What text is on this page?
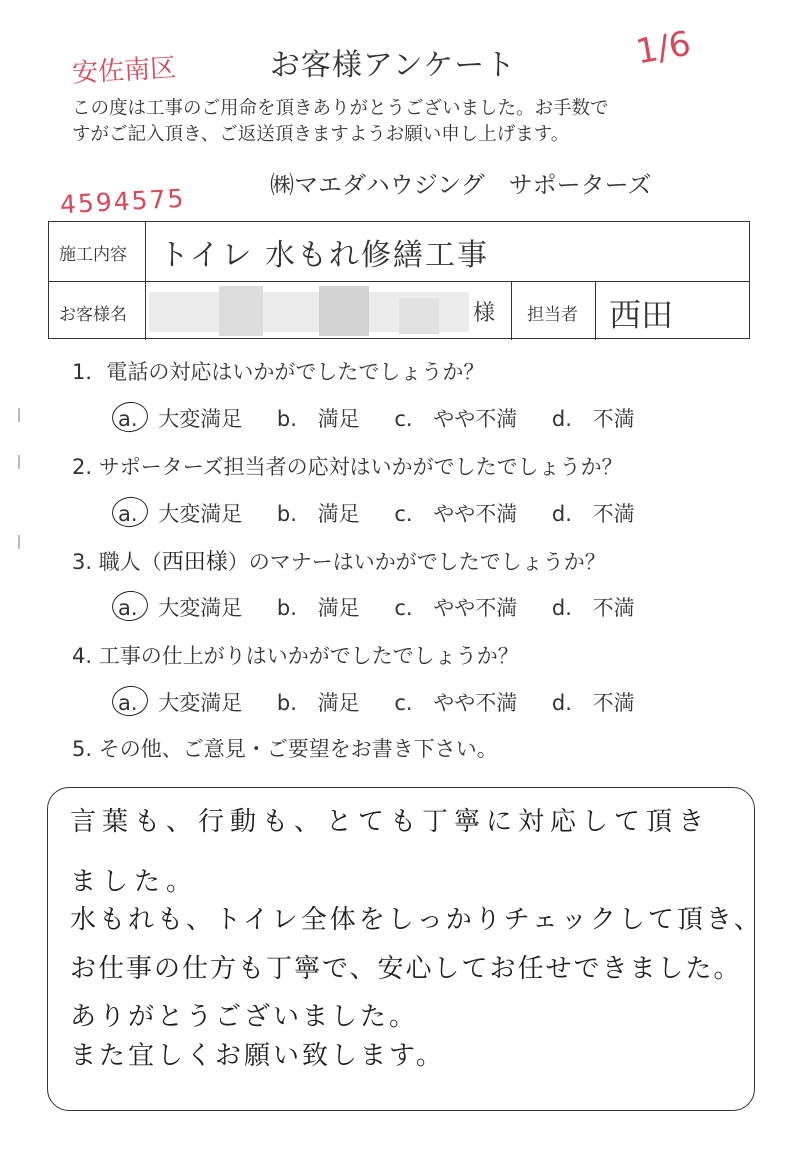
安佐南区	1/6
お客様アンケート
この度は工事のご用命を頂きありがとうございました。お手数で
すがご記入頂き、ご返送頂きますようお願い申し上げます。
㈱マエダハウジング　サポーターズ
4594575
施工内容 トイレ 水もれ修繕工事
お客様名	様 担当者 西田
1．電話の対応はいかがでしたでしょうか？
a. 大変満足 b. 満足 c. やや不満 d. 不満
2. サポーターズ担当者の応対はいかがでしたでしょうか？
a. 大変満足 b. 満足 c. やや不満 d. 不満
3. 職人（西田様）のマナーはいかがでしたでしょうか？
a. 大変満足 b. 満足 c. やや不満 d. 不満
4. 工事の仕上がりはいかがでしたでしょうか？
a. 大変満足 b. 満足 c. やや不満 d. 不満
5. その他、ご意見・ご要望をお書き下さい。
言葉も、行動も、とても丁寧に対応して頂き
ました。
水もれも、トイレ全体をしっかりチェックして頂き、
お仕事の仕方も丁寧で、安心してお任せできました。
ありがとうございました。
また宜しくお願い致します。
